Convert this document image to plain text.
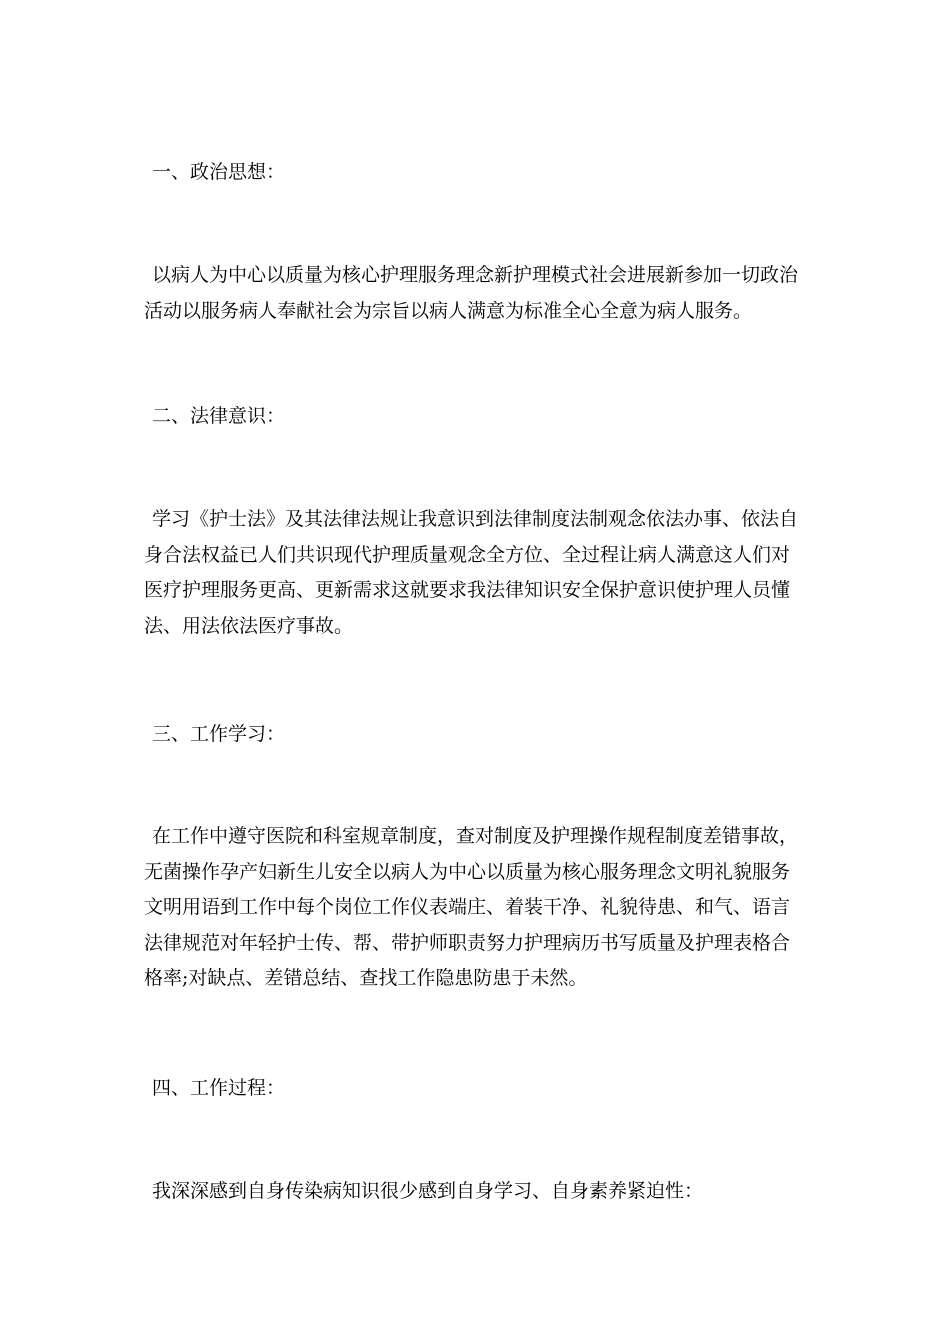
一、政治思想：
以病人为中心以质量为核心护理服务理念新护理模式社会进展新参加一切政治
活动以服务病人奉献社会为宗旨以病人满意为标准全心全意为病人服务。
二、法律意识：
学习《护士法》及其法律法规让我意识到法律制度法制观念依法办事、依法自
身合法权益已人们共识现代护理质量观念全方位、全过程让病人满意这人们对
医疗护理服务更高、更新需求这就要求我法律知识安全保护意识使护理人员懂
法、用法依法医疗事故。
三、工作学习：
在工作中遵守医院和科室规章制度，查对制度及护理操作规程制度差错事故，
无菌操作孕产妇新生儿安全以病人为中心以质量为核心服务理念文明礼貌服务
文明用语到工作中每个岗位工作仪表端庄、着装干净、礼貌待患、和气、语言
法律规范对年轻护士传、帮、带护师职责努力护理病历书写质量及护理表格合
格率;对缺点、差错总结、查找工作隐患防患于未然。
四、工作过程：
我深深感到自身传染病知识很少感到自身学习、自身素养紧迫性：
